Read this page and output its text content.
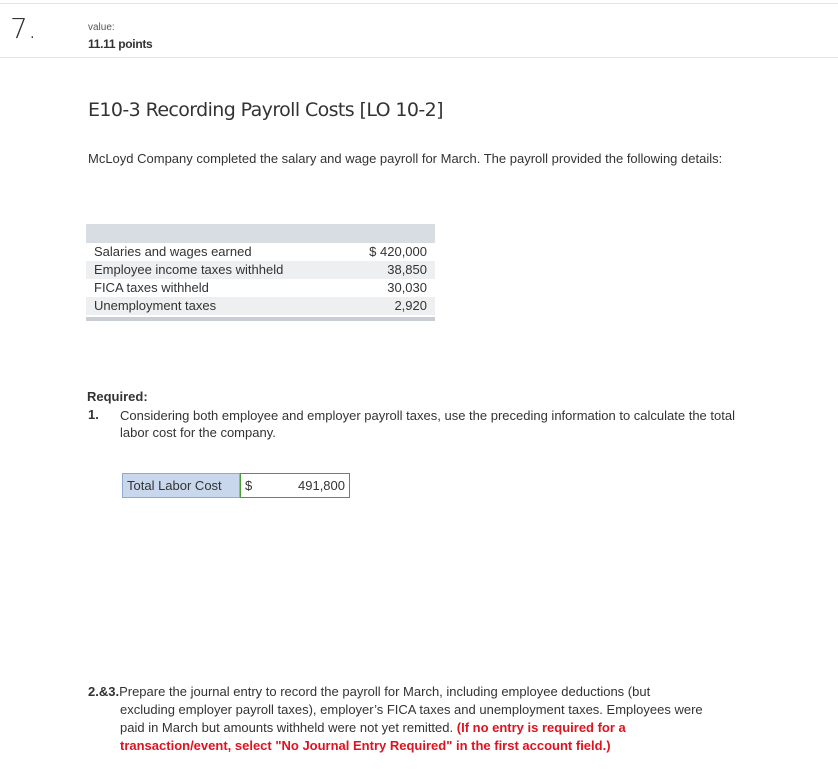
7.	value:
11.11 points
E10-3 Recording Payroll Costs [LO 10-2]
McLoyd Company completed the salary and wage payroll for March. The payroll provided the following details:
Salaries and wages earned	$ 420,000
Employee income taxes withheld	38,850
FICA taxes withheld	30,030
Unemployment taxes	2,920
Required:
1. Considering both employee and employer payroll taxes, use the preceding information to calculate the total labor cost for the company.
Total Labor Cost	$	491,800
2.&3.Prepare the journal entry to record the payroll for March, including employee deductions (but
excluding employer payroll taxes), employer’s FICA taxes and unemployment taxes. Employees were
paid in March but amounts withheld were not yet remitted. (If no entry is required for a
transaction/event, select "No Journal Entry Required" in the first account field.)
